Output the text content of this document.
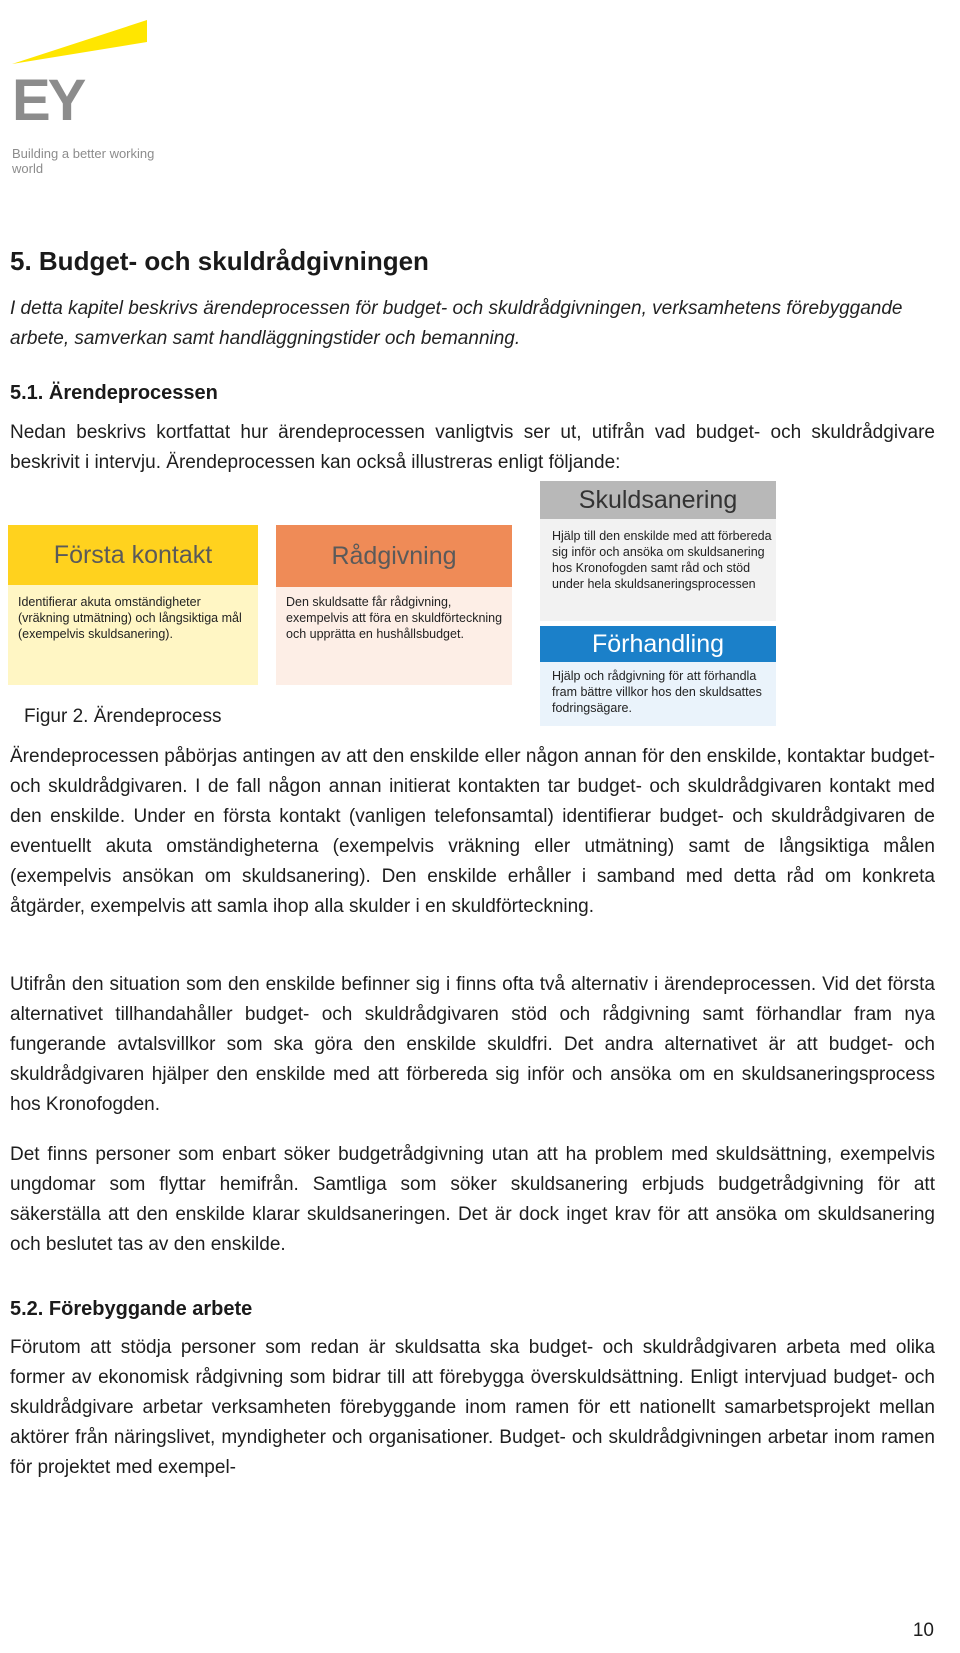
EY
Building a better working world
5. Budget- och skuldrådgivningen
I detta kapitel beskrivs ärendeprocessen för budget- och skuldrådgivningen, verksamhetens förebyggande arbete, samverkan samt handläggningstider och bemanning.
5.1. Ärendeprocessen
Nedan beskrivs kortfattat hur ärendeprocessen vanligtvis ser ut, utifrån vad budget- och skuldrådgivare beskrivit i intervju. Ärendeprocessen kan också illustreras enligt följande:
Första kontakt
Identifierar akuta omständigheter (vräkning utmätning) och långsiktiga mål (exempelvis skuldsanering).
Rådgivning
Den skuldsatte får rådgivning, exempelvis att föra en skuldförteckning och upprätta en hushållsbudget.
Skuldsanering
Hjälp till den enskilde med att förbereda sig inför och ansöka om skuldsanering hos Kronofogden samt råd och stöd under hela skuldsaneringsprocessen
Förhandling
Hjälp och rådgivning för att förhandla fram bättre villkor hos den skuldsattes fodringsägare.
Figur 2. Ärendeprocess
Ärendeprocessen påbörjas antingen av att den enskilde eller någon annan för den enskilde, kontaktar budget- och skuldrådgivaren. I de fall någon annan initierat kontakten tar budget- och skuldrådgivaren kontakt med den enskilde. Under en första kontakt (vanligen telefonsamtal) identifierar budget- och skuldrådgivaren de eventuellt akuta omständigheterna (exempelvis vräkning eller utmätning) samt de långsiktiga målen (exempelvis ansökan om skuldsanering). Den enskilde erhåller i samband med detta råd om konkreta åtgärder, exempelvis att samla ihop alla skulder i en skuldförteckning.
Utifrån den situation som den enskilde befinner sig i finns ofta två alternativ i ärendeprocessen. Vid det första alternativet tillhandahåller budget- och skuldrådgivaren stöd och rådgivning samt förhandlar fram nya fungerande avtalsvillkor som ska göra den enskilde skuldfri. Det andra alternativet är att budget- och skuldrådgivaren hjälper den enskilde med att förbereda sig inför och ansöka om en skuldsaneringsprocess hos Kronofogden.
Det finns personer som enbart söker budgetrådgivning utan att ha problem med skuldsättning, exempelvis ungdomar som flyttar hemifrån. Samtliga som söker skuldsanering erbjuds budgetrådgivning för att säkerställa att den enskilde klarar skuldsaneringen. Det är dock inget krav för att ansöka om skuldsanering och beslutet tas av den enskilde.
5.2. Förebyggande arbete
Förutom att stödja personer som redan är skuldsatta ska budget- och skuldrådgivaren arbeta med olika former av ekonomisk rådgivning som bidrar till att förebygga överskuldsättning. Enligt intervjuad budget- och skuldrådgivare arbetar verksamheten förebyggande inom ramen för ett nationellt samarbetsprojekt mellan aktörer från näringslivet, myndigheter och organisationer. Budget- och skuldrådgivningen arbetar inom ramen för projektet med exempel-
10
